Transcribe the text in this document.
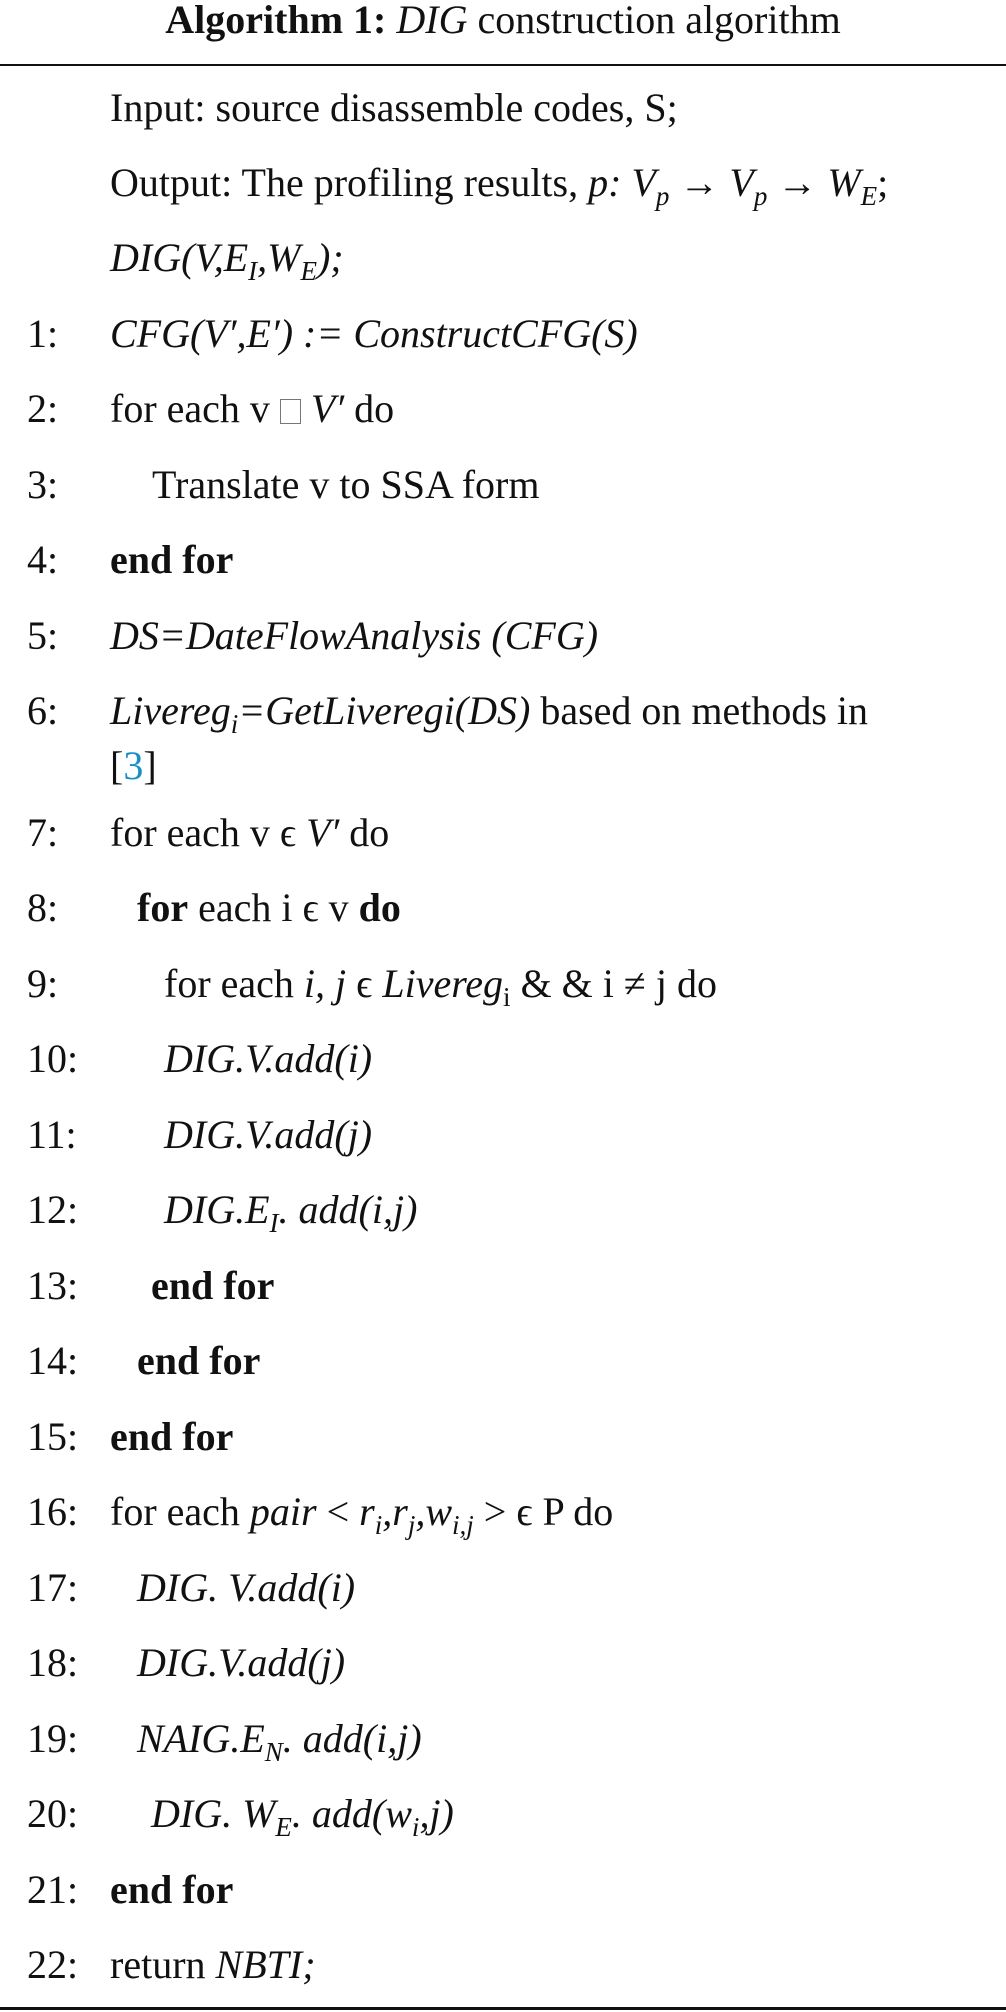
Algorithm 1: DIG construction algorithm
Input: source disassemble codes, S;
Output: The profiling results, p: $V_p \to V_p \to W_E$;
$DIG(V,E_I,W_E)$;
1: CFG(V′,E′) := ConstructCFG(S)
2: for each v  V′ do
3: Translate v to SSA form
4: end for
5: DS=DateFlowAnalysis (CFG)
6: Livereg$_i$=GetLiveregi(DS) based on methods in
[3]
7: for each v ϵ V′ do
8: for each i ϵ v do
9:	for each i, j ϵ Livereg$_i$ & & i ≠ j do
10: DIG.V.add(i)
11: DIG.V.add(j)
12: $DIG.E_I$. add(i,j)
13: end for
14: end for
15: end for
16: for each pair < $r_i,r_j,w_{i,j} > \epsilon$ P do
17: DIG. V.add(i)
18: DIG.V.add(j)
19: $NAIG.E_N$. add(i,j)
20: DIG. $W_E$. $add(w_i,j)$
21: end for
22: return NBTI;
